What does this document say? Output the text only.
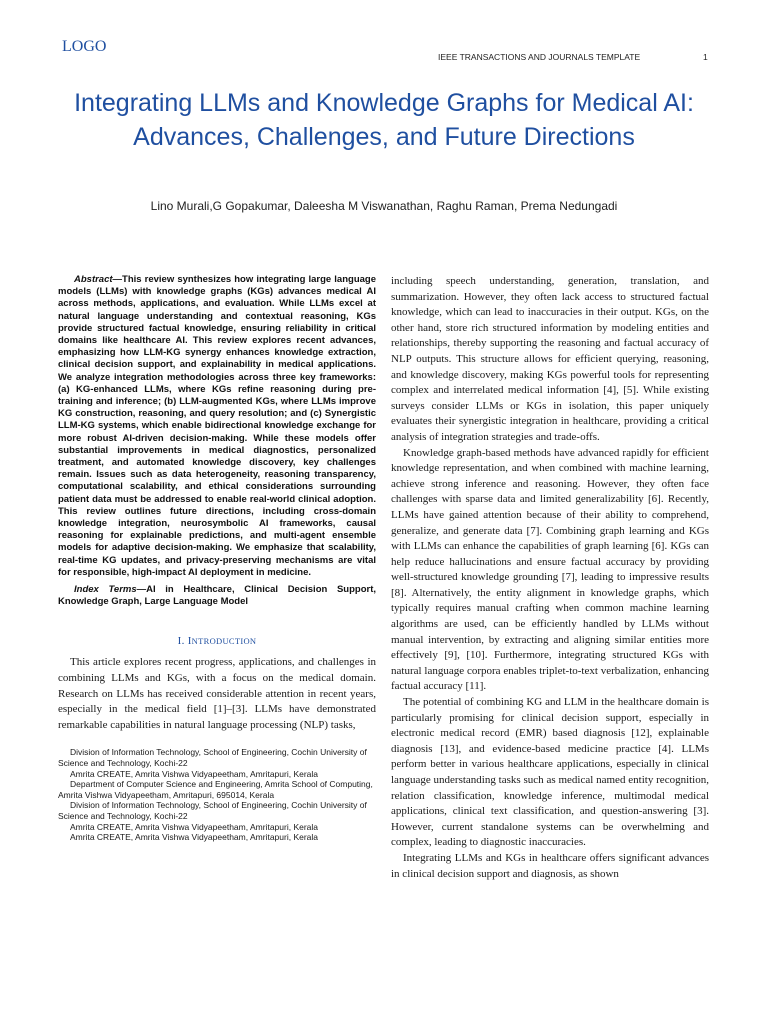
LOGO
IEEE TRANSACTIONS AND JOURNALS TEMPLATE	1
Integrating LLMs and Knowledge Graphs for Medical AI: Advances, Challenges, and Future Directions
Lino Murali,G Gopakumar, Daleesha M Viswanathan, Raghu Raman, Prema Nedungadi

Abstract—This review synthesizes how integrating large language models (LLMs) with knowledge graphs (KGs) advances medical AI across methods, applications, and evaluation. While LLMs excel at natural language understanding and contextual reasoning, KGs provide structured factual knowledge, ensuring reliability in critical domains like healthcare AI. This review explores recent advances, emphasizing how LLM-KG synergy enhances knowledge extraction, clinical decision support, and explainability in medical applications. We analyze integration methodologies across three key frameworks: (a) KG-enhanced LLMs, where KGs refine reasoning during pre-training and inference; (b) LLM-augmented KGs, where LLMs improve KG construction, reasoning, and query resolution; and (c) Synergistic LLM-KG systems, which enable bidirectional knowledge exchange for more robust AI-driven decision-making. While these models offer substantial improvements in medical diagnostics, personalized treatment, and automated knowledge discovery, key challenges remain. Issues such as data heterogeneity, reasoning transparency, computational scalability, and ethical considerations surrounding patient data must be addressed to enable real-world clinical adoption. This review outlines future directions, including cross-domain knowledge integration, neurosymbolic AI frameworks, causal reasoning for explainable predictions, and multi-agent ensemble models for adaptive decision-making. We emphasize that scalability, real-time KG updates, and privacy-preserving mechanisms are vital for responsible, high-impact AI deployment in medicine.

Index Terms—AI in Healthcare, Clinical Decision Support, Knowledge Graph, Large Language Model

I. INTRODUCTION

This article explores recent progress, applications, and challenges in combining LLMs and KGs, with a focus on the medical domain. Research on LLMs has received considerable attention in recent years, especially in the medical field [1]–[3]. LLMs have demonstrated remarkable capabilities in natural language processing (NLP) tasks,

Division of Information Technology, School of Engineering, Cochin University of Science and Technology, Kochi-22

Amrita CREATE, Amrita Vishwa Vidyapeetham, Amritapuri, Kerala

Department of Computer Science and Engineering, Amrita School of Computing, Amrita Vishwa Vidyapeetham, Amritapuri, 695014, Kerala

Division of Information Technology, School of Engineering, Cochin University of Science and Technology, Kochi-22

Amrita CREATE, Amrita Vishwa Vidyapeetham, Amritapuri, Kerala

Amrita CREATE, Amrita Vishwa Vidyapeetham, Amritapuri, Kerala

including speech understanding, generation, translation, and summarization. However, they often lack access to structured factual knowledge, which can lead to inaccuracies in their output. KGs, on the other hand, store rich structured information by modeling entities and relationships, thereby supporting the reasoning and factual accuracy of NLP outputs. This structure allows for efficient querying, reasoning, and knowledge discovery, making KGs powerful tools for representing complex and interrelated medical information [4], [5]. While existing surveys consider LLMs or KGs in isolation, this paper uniquely evaluates their synergistic integration in healthcare, providing a critical analysis of integration strategies and trade-offs.

Knowledge graph-based methods have advanced rapidly for efficient knowledge representation, and when combined with machine learning, achieve strong inference and reasoning. However, they often face challenges with sparse data and limited generalizability [6]. Recently, LLMs have gained attention because of their ability to comprehend, generalize, and generate data [7]. Combining graph learning and KGs with LLMs can enhance the capabilities of graph learning [6]. KGs can help reduce hallucinations and ensure factual accuracy by providing well-structured knowledge grounding [7], leading to impressive results [8]. Alternatively, the entity alignment in knowledge graphs, which typically requires manual crafting when common machine learning algorithms are used, can be efficiently handled by LLMs without manual intervention, by extracting and aligning similar entities more effectively [9], [10]. Furthermore, integrating structured KGs with natural language corpora enables triplet-to-text verbalization, enhancing factual accuracy [11].

The potential of combining KG and LLM in the healthcare domain is particularly promising for clinical decision support, especially in electronic medical record (EMR) based diagnosis [12], explainable diagnosis [13], and evidence-based medicine practice [4]. LLMs perform better in various healthcare applications, especially in clinical language understanding tasks such as medical named entity recognition, relation classification, knowledge inference, multimodal medical applications, clinical text classification, and question-answering [3]. However, current standalone systems can be overwhelming and complex, leading to diagnostic inaccuracies.

Integrating LLMs and KGs in healthcare offers significant advances in clinical decision support and diagnosis, as shown
